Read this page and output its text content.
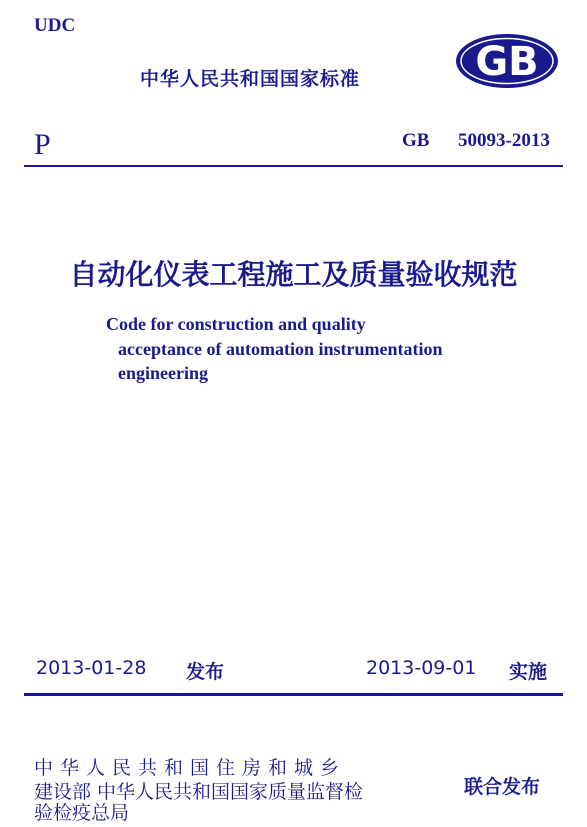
UDC
中华人民共和国国家标准	GB
P	GB 50093-2013
自动化仪表工程施工及质量验收规范
Code for construction and quality
acceptance of automation instrumentation
engineering
2013-01-28 发布	2013-09-01 实施
中华人民共和国住房和城乡
建设部 中华人民共和国国家质量监督检
验检疫总局
联合发布
